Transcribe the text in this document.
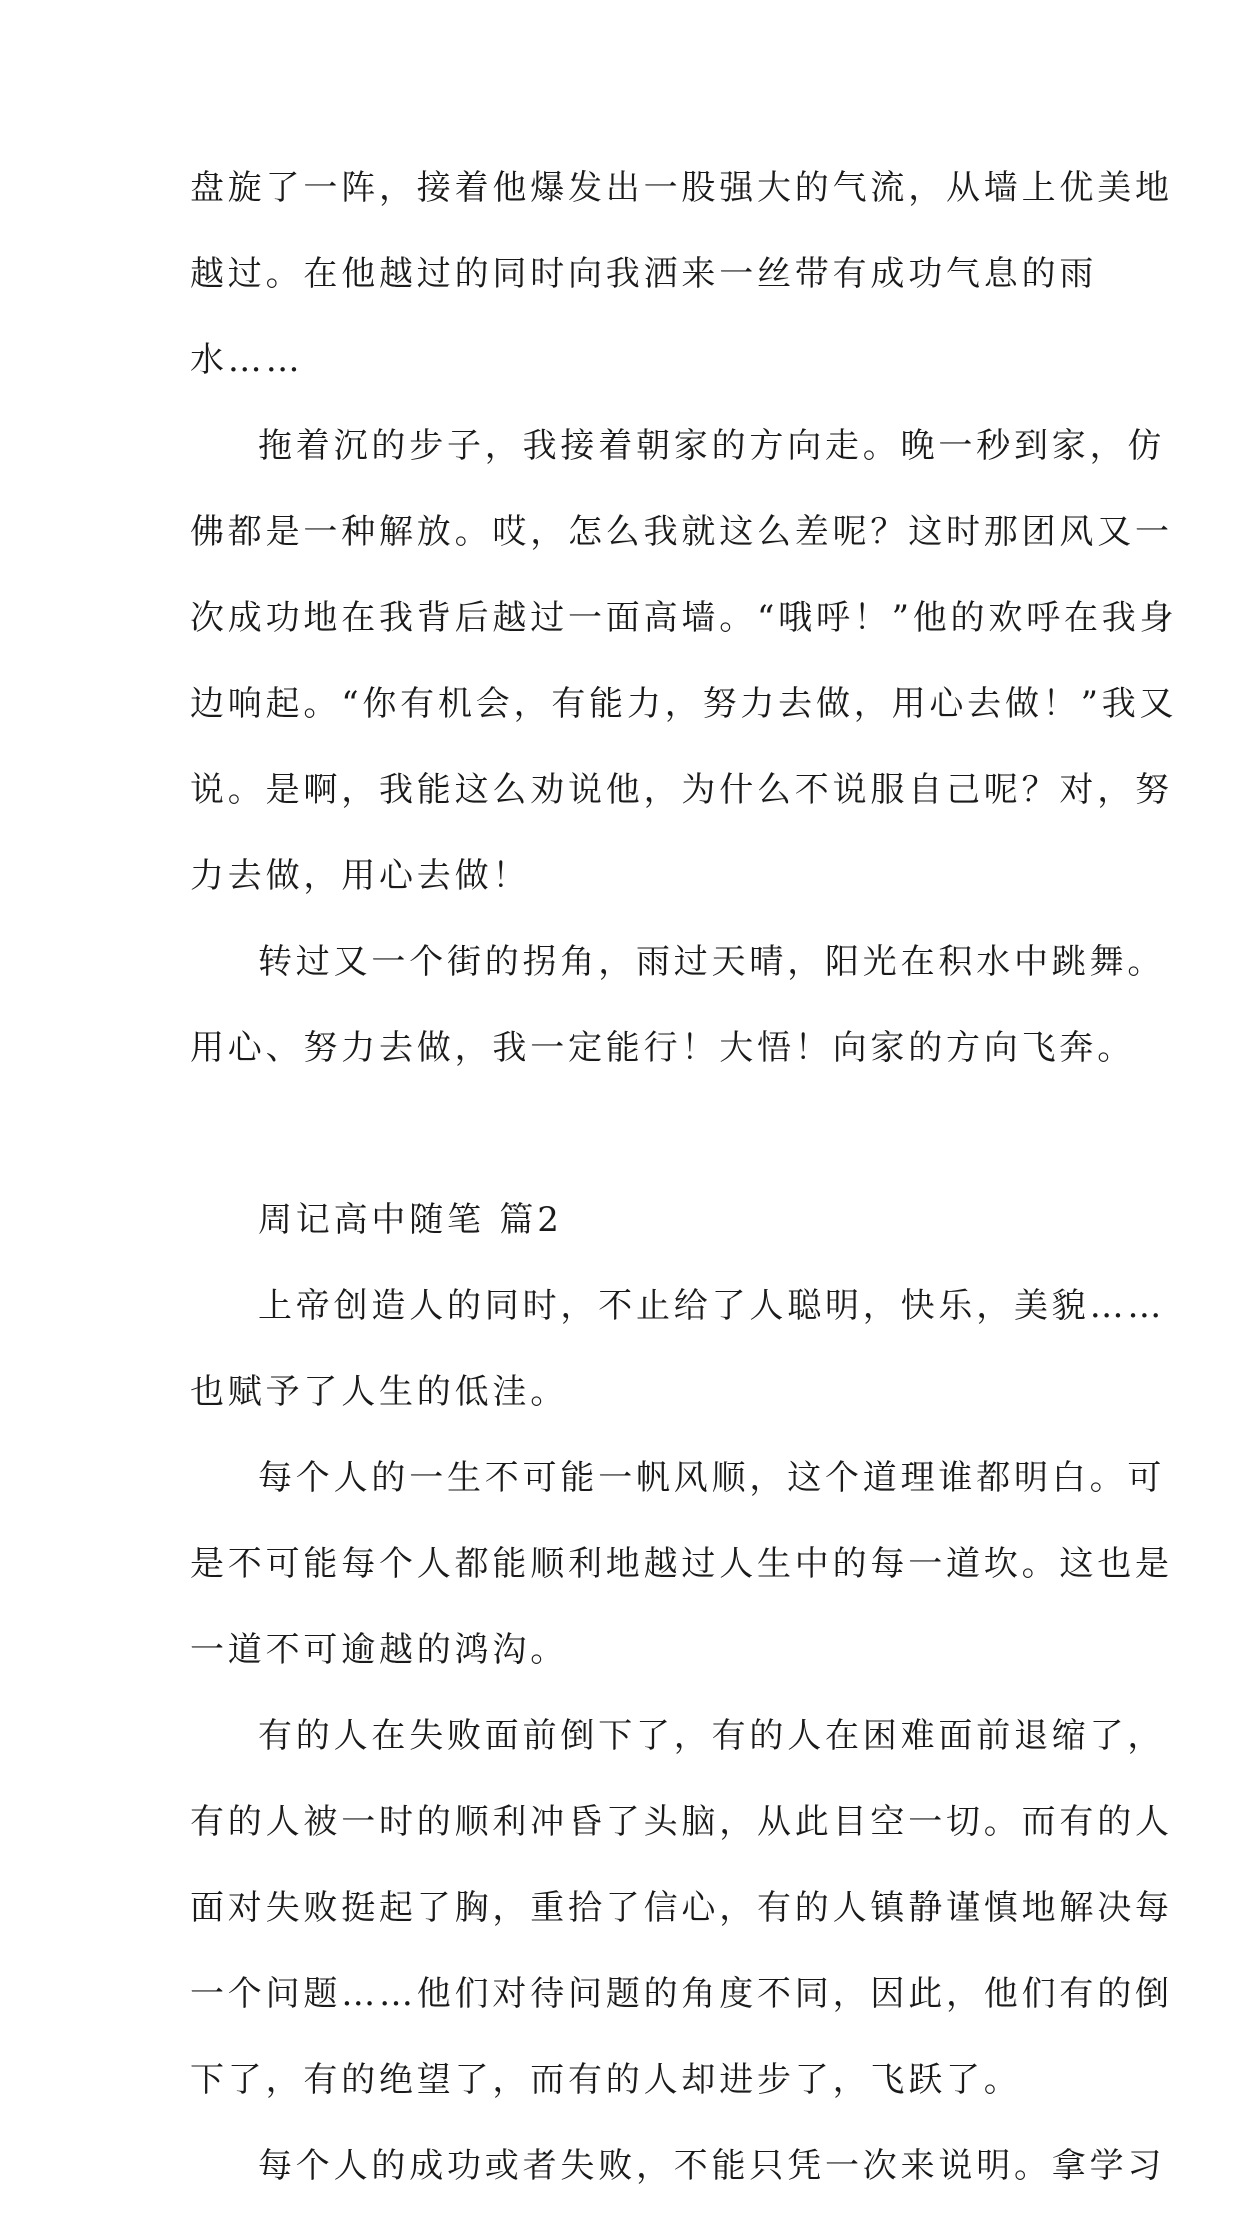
盘旋了一阵，接着他爆发出一股强大的气流，从墙上优美地
越过。在他越过的同时向我洒来一丝带有成功气息的雨
水……
拖着沉的步子，我接着朝家的方向走。晚一秒到家，仿
佛都是一种解放。哎，怎么我就这么差呢？这时那团风又一
次成功地在我背后越过一面高墙。“哦呼！”他的欢呼在我身
边响起。“你有机会，有能力，努力去做，用心去做！”我又
说。是啊，我能这么劝说他，为什么不说服自己呢？对，努
力去做，用心去做！
转过又一个街的拐角，雨过天晴，阳光在积水中跳舞。
用心、努力去做，我一定能行！大悟！向家的方向飞奔。
周记高中随笔 篇2
上帝创造人的同时，不止给了人聪明，快乐，美貌……
也赋予了人生的低洼。
每个人的一生不可能一帆风顺，这个道理谁都明白。可
是不可能每个人都能顺利地越过人生中的每一道坎。这也是
一道不可逾越的鸿沟。
有的人在失败面前倒下了，有的人在困难面前退缩了，
有的人被一时的顺利冲昏了头脑，从此目空一切。而有的人
面对失败挺起了胸，重拾了信心，有的人镇静谨慎地解决每
一个问题……他们对待问题的角度不同，因此，他们有的倒
下了，有的绝望了，而有的人却进步了，飞跃了。
每个人的成功或者失败，不能只凭一次来说明。拿学习
